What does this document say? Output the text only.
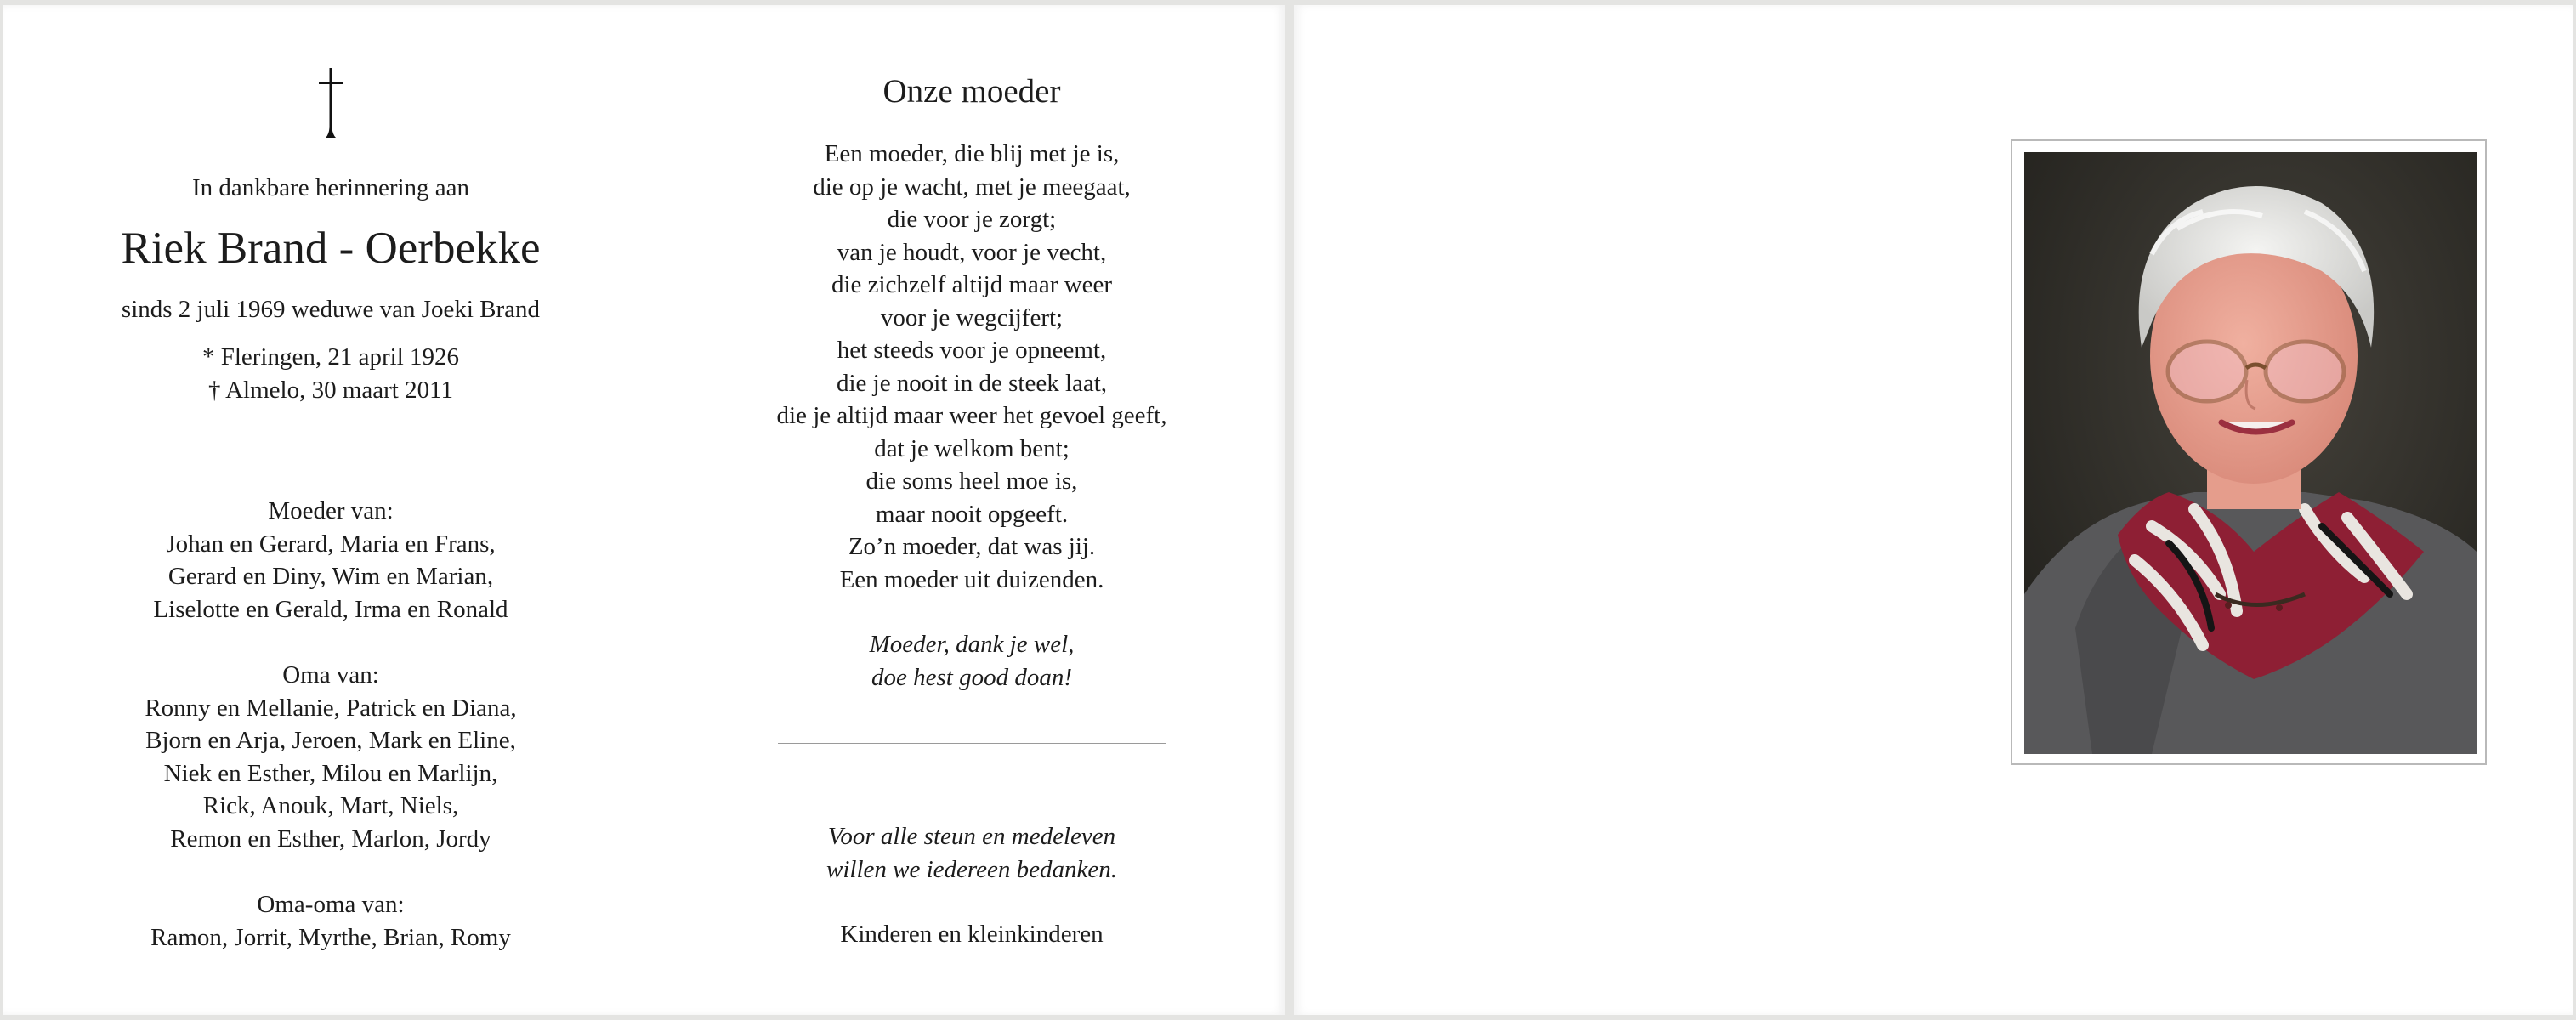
In dankbare herinnering aan
Riek Brand - Oerbekke
sinds 2 juli 1969 weduwe van Joeki Brand
* Fleringen, 21 april 1926
† Almelo, 30 maart 2011
Moeder van:
Johan en Gerard, Maria en Frans,
Gerard en Diny, Wim en Marian,
Liselotte en Gerald, Irma en Ronald
Oma van:
Ronny en Mellanie, Patrick en Diana,
Bjorn en Arja, Jeroen, Mark en Eline,
Niek en Esther, Milou en Marlijn,
Rick, Anouk, Mart, Niels,
Remon en Esther, Marlon, Jordy
Oma-oma van:
Ramon, Jorrit, Myrthe, Brian, Romy
Onze moeder
Een moeder, die blij met je is,
die op je wacht, met je meegaat,
die voor je zorgt;
van je houdt, voor je vecht,
die zichzelf altijd maar weer
voor je wegcijfert;
het steeds voor je opneemt,
die je nooit in de steek laat,
die je altijd maar weer het gevoel geeft,
dat je welkom bent;
die soms heel moe is,
maar nooit opgeeft.
Zo’n moeder, dat was jij.
Een moeder uit duizenden.
Moeder, dank je wel,
doe hest good doan!
Voor alle steun en medeleven
willen we iedereen bedanken.
Kinderen en kleinkinderen
